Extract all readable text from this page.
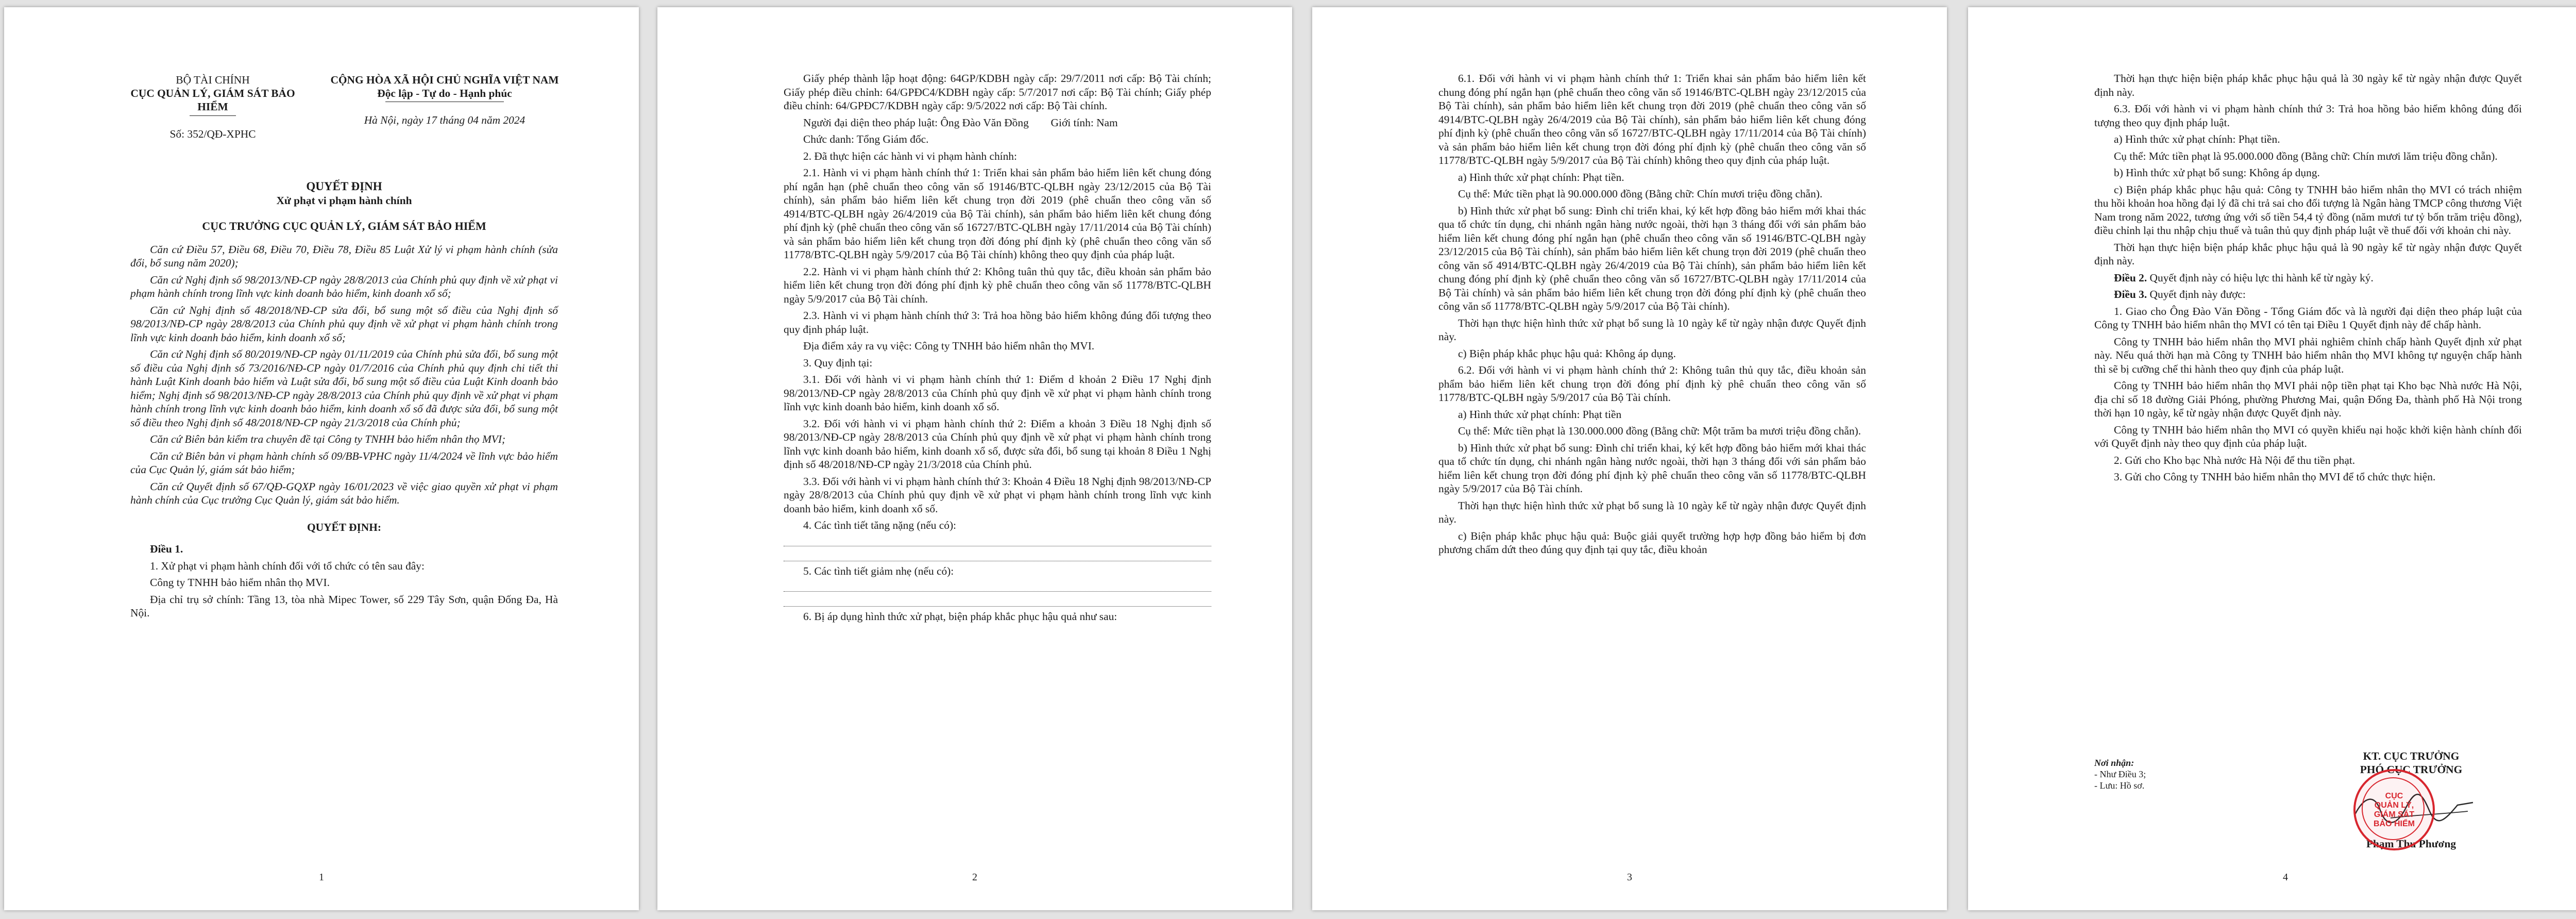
BỘ TÀI CHÍNH
CỤC QUẢN LÝ, GIÁM SÁT BẢO HIỂM
Số: 352/QĐ-XPHC
CỘNG HÒA XÃ HỘI CHỦ NGHĨA VIỆT NAM
Độc lập - Tự do - Hạnh phúc
Hà Nội, ngày 17 tháng 04 năm 2024

QUYẾT ĐỊNH

Xử phạt vi phạm hành chính

CỤC TRƯỞNG CỤC QUẢN LÝ, GIÁM SÁT BẢO HIỂM

Căn cứ Điều 57, Điều 68, Điều 70, Điều 78, Điều 85 Luật Xử lý vi phạm hành chính (sửa đổi, bổ sung năm 2020);

Căn cứ Nghị định số 98/2013/NĐ-CP ngày 28/8/2013 của Chính phủ quy định về xử phạt vi phạm hành chính trong lĩnh vực kinh doanh bảo hiểm, kinh doanh xổ số;

Căn cứ Nghị định số 48/2018/NĐ-CP sửa đổi, bổ sung một số điều của Nghị định số 98/2013/NĐ-CP ngày 28/8/2013 của Chính phủ quy định về xử phạt vi phạm hành chính trong lĩnh vực kinh doanh bảo hiểm, kinh doanh xổ số;

Căn cứ Nghị định số 80/2019/NĐ-CP ngày 01/11/2019 của Chính phủ sửa đổi, bổ sung một số điều của Nghị định số 73/2016/NĐ-CP ngày 01/7/2016 của Chính phủ quy định chi tiết thi hành Luật Kinh doanh bảo hiểm và Luật sửa đổi, bổ sung một số điều của Luật Kinh doanh bảo hiểm; Nghị định số 98/2013/NĐ-CP ngày 28/8/2013 của Chính phủ quy định về xử phạt vi phạm hành chính trong lĩnh vực kinh doanh bảo hiểm, kinh doanh xổ số đã được sửa đổi, bổ sung một số điều theo Nghị định số 48/2018/NĐ-CP ngày 21/3/2018 của Chính phủ;

Căn cứ Biên bản kiểm tra chuyên đề tại Công ty TNHH bảo hiểm nhân thọ MVI;

Căn cứ Biên bản vi phạm hành chính số 09/BB-VPHC ngày 11/4/2024 về lĩnh vực bảo hiểm của Cục Quản lý, giám sát bảo hiểm;

Căn cứ Quyết định số 67/QĐ-GQXP ngày 16/01/2023 về việc giao quyền xử phạt vi phạm hành chính của Cục trưởng Cục Quản lý, giám sát bảo hiểm.

QUYẾT ĐỊNH:

Điều 1.

1. Xử phạt vi phạm hành chính đối với tổ chức có tên sau đây:

Công ty TNHH bảo hiểm nhân thọ MVI.

Địa chỉ trụ sở chính: Tầng 13, tòa nhà Mipec Tower, số 229 Tây Sơn, quận Đống Đa, Hà Nội.

1

Giấy phép thành lập hoạt động: 64GP/KDBH ngày cấp: 29/7/2011 nơi cấp: Bộ Tài chính; Giấy phép điều chỉnh: 64/GPĐC4/KDBH ngày cấp: 5/7/2017 nơi cấp: Bộ Tài chính; Giấy phép điều chỉnh: 64/GPĐC7/KDBH ngày cấp: 9/5/2022 nơi cấp: Bộ Tài chính.

Người đại diện theo pháp luật: Ông Đào Văn Đồng        Giới tính: Nam

Chức danh: Tổng Giám đốc.

2. Đã thực hiện các hành vi vi phạm hành chính:

2.1. Hành vi vi phạm hành chính thứ 1: Triển khai sản phẩm bảo hiểm liên kết chung đóng phí ngắn hạn (phê chuẩn theo công văn số 19146/BTC-QLBH ngày 23/12/2015 của Bộ Tài chính), sản phẩm bảo hiểm liên kết chung trọn đời 2019 (phê chuẩn theo công văn số 4914/BTC-QLBH ngày 26/4/2019 của Bộ Tài chính), sản phẩm bảo hiểm liên kết chung đóng phí định kỳ (phê chuẩn theo công văn số 16727/BTC-QLBH ngày 17/11/2014 của Bộ Tài chính) và sản phẩm bảo hiểm liên kết chung trọn đời đóng phí định kỳ (phê chuẩn theo công văn số 11778/BTC-QLBH ngày 5/9/2017 của Bộ Tài chính) không theo quy định của pháp luật.

2.2. Hành vi vi phạm hành chính thứ 2: Không tuân thủ quy tắc, điều khoản sản phẩm bảo hiểm liên kết chung trọn đời đóng phí định kỳ phê chuẩn theo công văn số 11778/BTC-QLBH ngày 5/9/2017 của Bộ Tài chính.

2.3. Hành vi vi phạm hành chính thứ 3: Trả hoa hồng bảo hiểm không đúng đối tượng theo quy định pháp luật.

Địa điểm xảy ra vụ việc: Công ty TNHH bảo hiểm nhân thọ MVI.

3. Quy định tại:

3.1. Đối với hành vi vi phạm hành chính thứ 1: Điểm d khoản 2 Điều 17 Nghị định 98/2013/NĐ-CP ngày 28/8/2013 của Chính phủ quy định về xử phạt vi phạm hành chính trong lĩnh vực kinh doanh bảo hiểm, kinh doanh xổ số.

3.2. Đối với hành vi vi phạm hành chính thứ 2: Điểm a khoản 3 Điều 18 Nghị định số 98/2013/NĐ-CP ngày 28/8/2013 của Chính phủ quy định về xử phạt vi phạm hành chính trong lĩnh vực kinh doanh bảo hiểm, kinh doanh xổ số, được sửa đổi, bổ sung tại khoản 8 Điều 1 Nghị định số 48/2018/NĐ-CP ngày 21/3/2018 của Chính phủ.

3.3. Đối với hành vi vi phạm hành chính thứ 3: Khoản 4 Điều 18 Nghị định 98/2013/NĐ-CP ngày 28/8/2013 của Chính phủ quy định về xử phạt vi phạm hành chính trong lĩnh vực kinh doanh bảo hiểm, kinh doanh xổ số.

4. Các tình tiết tăng nặng (nếu có):

5. Các tình tiết giảm nhẹ (nếu có):

6. Bị áp dụng hình thức xử phạt, biện pháp khắc phục hậu quả như sau:

2

6.1. Đối với hành vi vi phạm hành chính thứ 1: Triển khai sản phẩm bảo hiểm liên kết chung đóng phí ngắn hạn (phê chuẩn theo công văn số 19146/BTC-QLBH ngày 23/12/2015 của Bộ Tài chính), sản phẩm bảo hiểm liên kết chung trọn đời 2019 (phê chuẩn theo công văn số 4914/BTC-QLBH ngày 26/4/2019 của Bộ Tài chính), sản phẩm bảo hiểm liên kết chung đóng phí định kỳ (phê chuẩn theo công văn số 16727/BTC-QLBH ngày 17/11/2014 của Bộ Tài chính) và sản phẩm bảo hiểm liên kết chung trọn đời đóng phí định kỳ (phê chuẩn theo công văn số 11778/BTC-QLBH ngày 5/9/2017 của Bộ Tài chính) không theo quy định của pháp luật.

a) Hình thức xử phạt chính: Phạt tiền.

Cụ thể: Mức tiền phạt là 90.000.000 đồng (Bằng chữ: Chín mươi triệu đồng chẵn).

b) Hình thức xử phạt bổ sung: Đình chỉ triển khai, ký kết hợp đồng bảo hiểm mới khai thác qua tổ chức tín dụng, chi nhánh ngân hàng nước ngoài, thời hạn 3 tháng đối với sản phẩm bảo hiểm liên kết chung đóng phí ngắn hạn (phê chuẩn theo công văn số 19146/BTC-QLBH ngày 23/12/2015 của Bộ Tài chính), sản phẩm bảo hiểm liên kết chung trọn đời 2019 (phê chuẩn theo công văn số 4914/BTC-QLBH ngày 26/4/2019 của Bộ Tài chính), sản phẩm bảo hiểm liên kết chung đóng phí định kỳ (phê chuẩn theo công văn số 16727/BTC-QLBH ngày 17/11/2014 của Bộ Tài chính) và sản phẩm bảo hiểm liên kết chung trọn đời đóng phí định kỳ (phê chuẩn theo công văn số 11778/BTC-QLBH ngày 5/9/2017 của Bộ Tài chính).

Thời hạn thực hiện hình thức xử phạt bổ sung là 10 ngày kể từ ngày nhận được Quyết định này.

c) Biện pháp khắc phục hậu quả: Không áp dụng.

6.2. Đối với hành vi vi phạm hành chính thứ 2: Không tuân thủ quy tắc, điều khoản sản phẩm bảo hiểm liên kết chung trọn đời đóng phí định kỳ phê chuẩn theo công văn số 11778/BTC-QLBH ngày 5/9/2017 của Bộ Tài chính.

a) Hình thức xử phạt chính: Phạt tiền

Cụ thể: Mức tiền phạt là 130.000.000 đồng (Bằng chữ: Một trăm ba mươi triệu đồng chẵn).

b) Hình thức xử phạt bổ sung: Đình chỉ triển khai, ký kết hợp đồng bảo hiểm mới khai thác qua tổ chức tín dụng, chi nhánh ngân hàng nước ngoài, thời hạn 3 tháng đối với sản phẩm bảo hiểm liên kết chung trọn đời đóng phí định kỳ phê chuẩn theo công văn số 11778/BTC-QLBH ngày 5/9/2017 của Bộ Tài chính.

Thời hạn thực hiện hình thức xử phạt bổ sung là 10 ngày kể từ ngày nhận được Quyết định này.

c) Biện pháp khắc phục hậu quả: Buộc giải quyết trường hợp hợp đồng bảo hiểm bị đơn phương chấm dứt theo đúng quy định tại quy tắc, điều khoản

3

Thời hạn thực hiện biện pháp khắc phục hậu quả là 30 ngày kể từ ngày nhận được Quyết định này.

6.3. Đối với hành vi vi phạm hành chính thứ 3: Trả hoa hồng bảo hiểm không đúng đối tượng theo quy định pháp luật.

a) Hình thức xử phạt chính: Phạt tiền.

Cụ thể: Mức tiền phạt là 95.000.000 đồng (Bằng chữ: Chín mươi lăm triệu đồng chẵn).

b) Hình thức xử phạt bổ sung: Không áp dụng.

c) Biện pháp khắc phục hậu quả: Công ty TNHH bảo hiểm nhân thọ MVI có trách nhiệm thu hồi khoản hoa hồng đại lý đã chi trả sai cho đối tượng là Ngân hàng TMCP công thương Việt Nam trong năm 2022, tương ứng với số tiền 54,4 tỷ đồng (năm mươi tư tỷ bốn trăm triệu đồng), điều chỉnh lại thu nhập chịu thuế và tuân thủ quy định pháp luật về thuế đối với khoản chi này.

Thời hạn thực hiện biện pháp khắc phục hậu quả là 90 ngày kể từ ngày nhận được Quyết định này.

Điều 2. Quyết định này có hiệu lực thi hành kể từ ngày ký.

Điều 3. Quyết định này được:

1. Giao cho Ông Đào Văn Đồng - Tổng Giám đốc và là người đại diện theo pháp luật của Công ty TNHH bảo hiểm nhân thọ MVI có tên tại Điều 1 Quyết định này để chấp hành.

Công ty TNHH bảo hiểm nhân thọ MVI phải nghiêm chỉnh chấp hành Quyết định xử phạt này. Nếu quá thời hạn mà Công ty TNHH bảo hiểm nhân thọ MVI không tự nguyện chấp hành thì sẽ bị cưỡng chế thi hành theo quy định của pháp luật.

Công ty TNHH bảo hiểm nhân thọ MVI phải nộp tiền phạt tại Kho bạc Nhà nước Hà Nội, địa chỉ số 18 đường Giải Phóng, phường Phương Mai, quận Đống Đa, thành phố Hà Nội trong thời hạn 10 ngày, kể từ ngày nhận được Quyết định này.

Công ty TNHH bảo hiểm nhân thọ MVI có quyền khiếu nại hoặc khởi kiện hành chính đối với Quyết định này theo quy định của pháp luật.

2. Gửi cho Kho bạc Nhà nước Hà Nội để thu tiền phạt.

3. Gửi cho Công ty TNHH bảo hiểm nhân thọ MVI để tổ chức thực hiện.

Nơi nhận:
- Như Điều 3;
- Lưu: Hồ sơ.
KT. CỤC TRƯỞNG
PHÓ CỤC TRƯỞNG
Phạm Thu Phương
CỤC
QUẢN LÝ,
GIÁM SÁT
BẢO HIỂM
4
